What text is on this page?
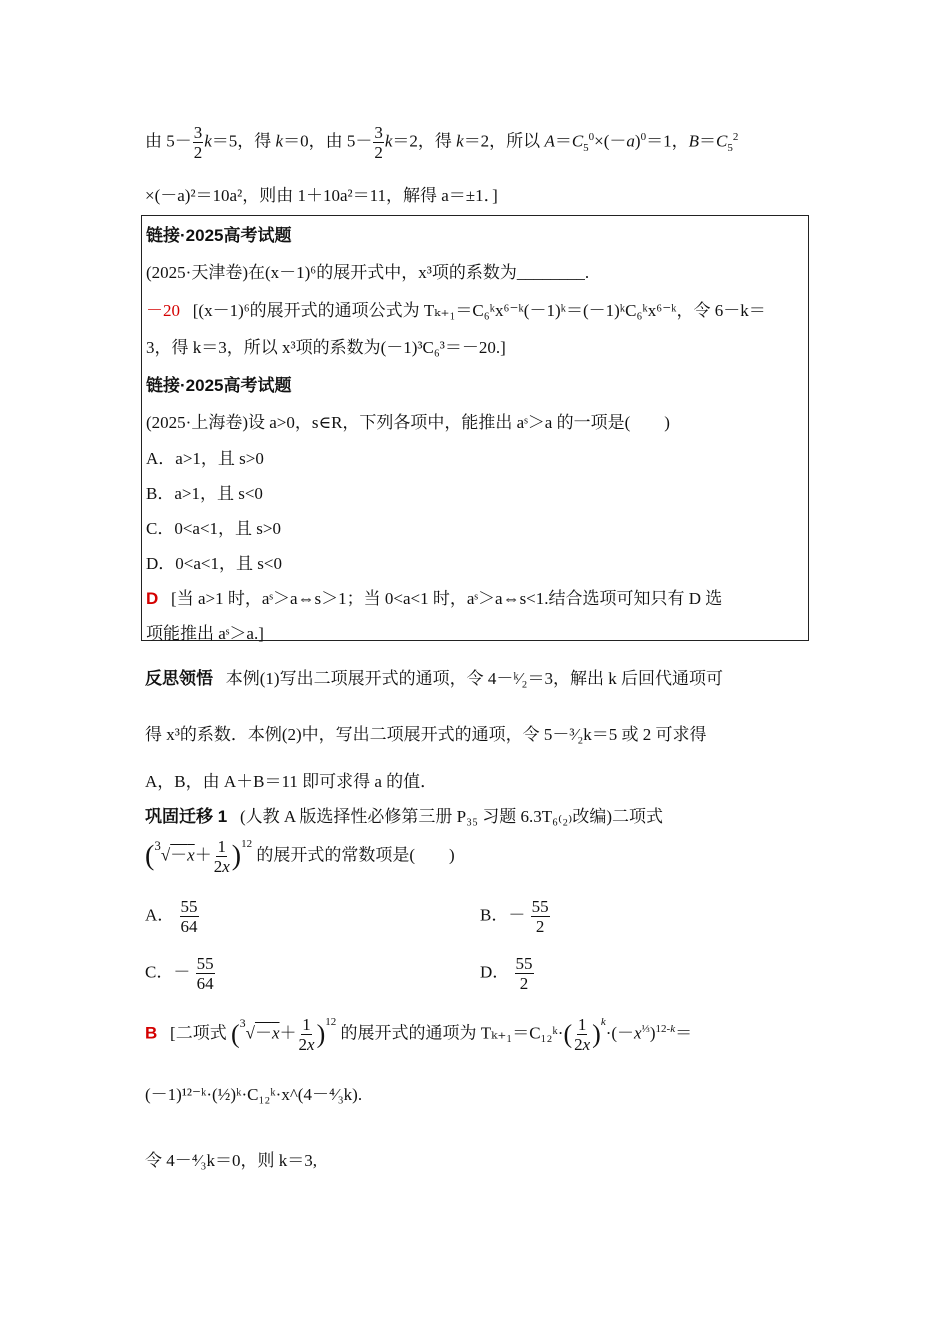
由 $5- \frac{3}{2} k=5$，得 k＝0，由 $5- \frac{3}{2} k=2$，得 k＝2，所以 $A=C_5^0\times(-a)^0=1$，$B=C_5^2$
×(－a)²＝10a²，则由 1＋10a²＝11，解得 a＝±1．]
链接·2025高考试题
(2025·天津卷)在(x－1)⁶的展开式中，x³项的系数为________.
－20 [(x－1)⁶的展开式的通项公式为 Tₖ₊₁＝C₆ᵏx⁶⁻ᵏ(－1)ᵏ＝(－1)ᵏC₆ᵏx⁶⁻ᵏ，令 6－k＝
3，得 k＝3，所以 x³项的系数为(－1)³C₆³＝－20.]
链接·2025高考试题
(2025·上海卷)设 a>0，s∈R，下列各项中，能推出 aˢ＞a 的一项是(　　)
A．a>1，且 s>0
B．a>1，且 s<0
C．0<a<1，且 s>0
D．0<a<1，且 s<0
D [当 a>1 时，aˢ＞a⇔s＞1；当 0<a<1 时，aˢ＞a⇔s<1.结合选项可知只有 D 选
项能推出 aˢ＞a.]
反思领悟 本例(1)写出二项展开式的通项，令 4－ᵏ⁄₂＝3，解出 k 后回代通项可
得 x³的系数．本例(2)中，写出二项展开式的通项，令 5－³⁄₂k＝5 或 2 可求得
A，B，由 A＋B＝11 即可求得 a 的值．
巩固迁移 1 (人教 A 版选择性必修第三册 P₃₅ 习题 6.3T₆₍₂₎改编)二项式
$(^3√-x+ \frac{1}{2x} )^{12}$ 的展开式的常数项是(　　)
A． $\frac{55}{64}$	B．－ $\frac{55}{2}$
C．－ $\frac{55}{64}$	D． $\frac{55}{2}$
B [二项式 $(^3√-x+ \frac{1}{2x} )^{12}$ 的展开式的通项为 Tₖ₊₁＝C₁₂ᵏ·( $\frac{1}{2x} )^k\cdot(-x^{\frac{1}{3}})^{12-k}=$
(－1)¹²⁻ᵏ·(½)ᵏ·C₁₂ᵏ·x^(4－⁴⁄₃k).
令 4－⁴⁄₃k＝0，则 k＝3,
